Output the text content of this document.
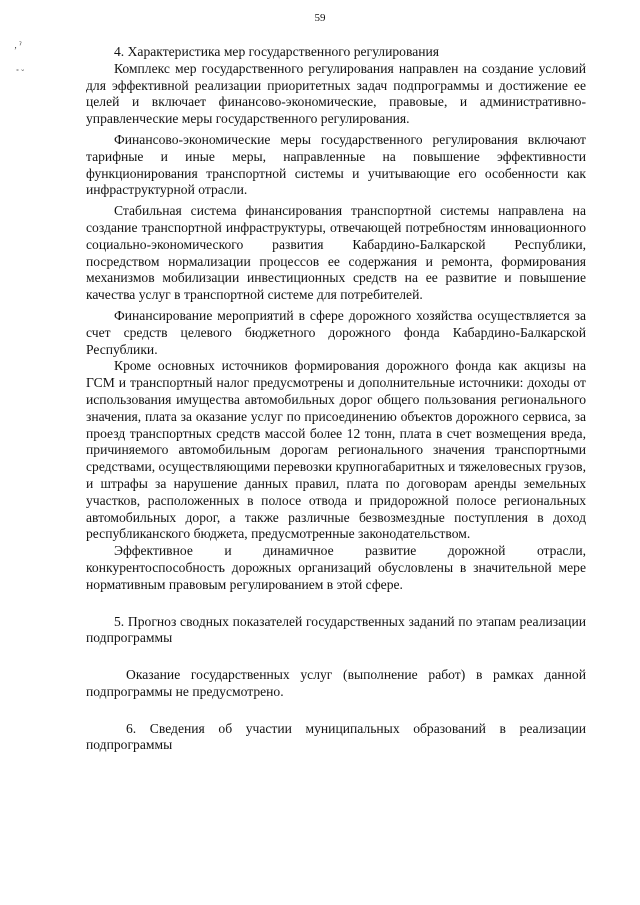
59
‚ ˀ
˚ ˘

4. Характеристика мер государственного регулирования

Комплекс мер государственного регулирования направлен на создание условий для эффективной реализации приоритетных задач подпрограммы и достижение ее целей и включает финансово-экономические, правовые, и административно-управленческие меры государственного регулирования.

Финансово-экономические меры государственного регулирования включают тарифные и иные меры, направленные на повышение эффективности функционирования транспортной системы и учитывающие его особенности как инфраструктурной отрасли.

Стабильная система финансирования транспортной системы направлена на создание транспортной инфраструктуры, отвечающей потребностям инновационного социально-экономического развития Кабардино-Балкарской Республики, посредством нормализации процессов ее содержания и ремонта, формирования механизмов мобилизации инвестиционных средств на ее развитие и повышение качества услуг в транспортной системе для потребителей.

Финансирование мероприятий в сфере дорожного хозяйства осуществляется за счет средств целевого бюджетного дорожного фонда Кабардино-Балкарской Республики.

Кроме основных источников формирования дорожного фонда как акцизы на ГСМ и транспортный налог предусмотрены и дополнительные источники: доходы от использования имущества автомобильных дорог общего пользования регионального значения, плата за оказание услуг по присоединению объектов дорожного сервиса, за проезд транспортных средств массой более 12 тонн, плата в счет возмещения вреда, причиняемого автомобильным дорогам регионального значения транспортными средствами, осуществляющими перевозки крупногабаритных и тяжеловесных грузов, и штрафы за нарушение данных правил, плата по договорам аренды земельных участков, расположенных в полосе отвода и придорожной полосе региональных автомобильных дорог, а также различные безвозмездные поступления в доход республиканского бюджета, предусмотренные законодательством.

Эффективное и динамичное развитие дорожной отрасли, конкурентоспособность дорожных организаций обусловлены в значительной мере нормативным правовым регулированием в этой сфере.

5. Прогноз сводных показателей государственных заданий по этапам реализации подпрограммы

Оказание государственных услуг (выполнение работ) в рамках данной подпрограммы не предусмотрено.

6. Сведения об участии муниципальных образований в реализации подпрограммы
